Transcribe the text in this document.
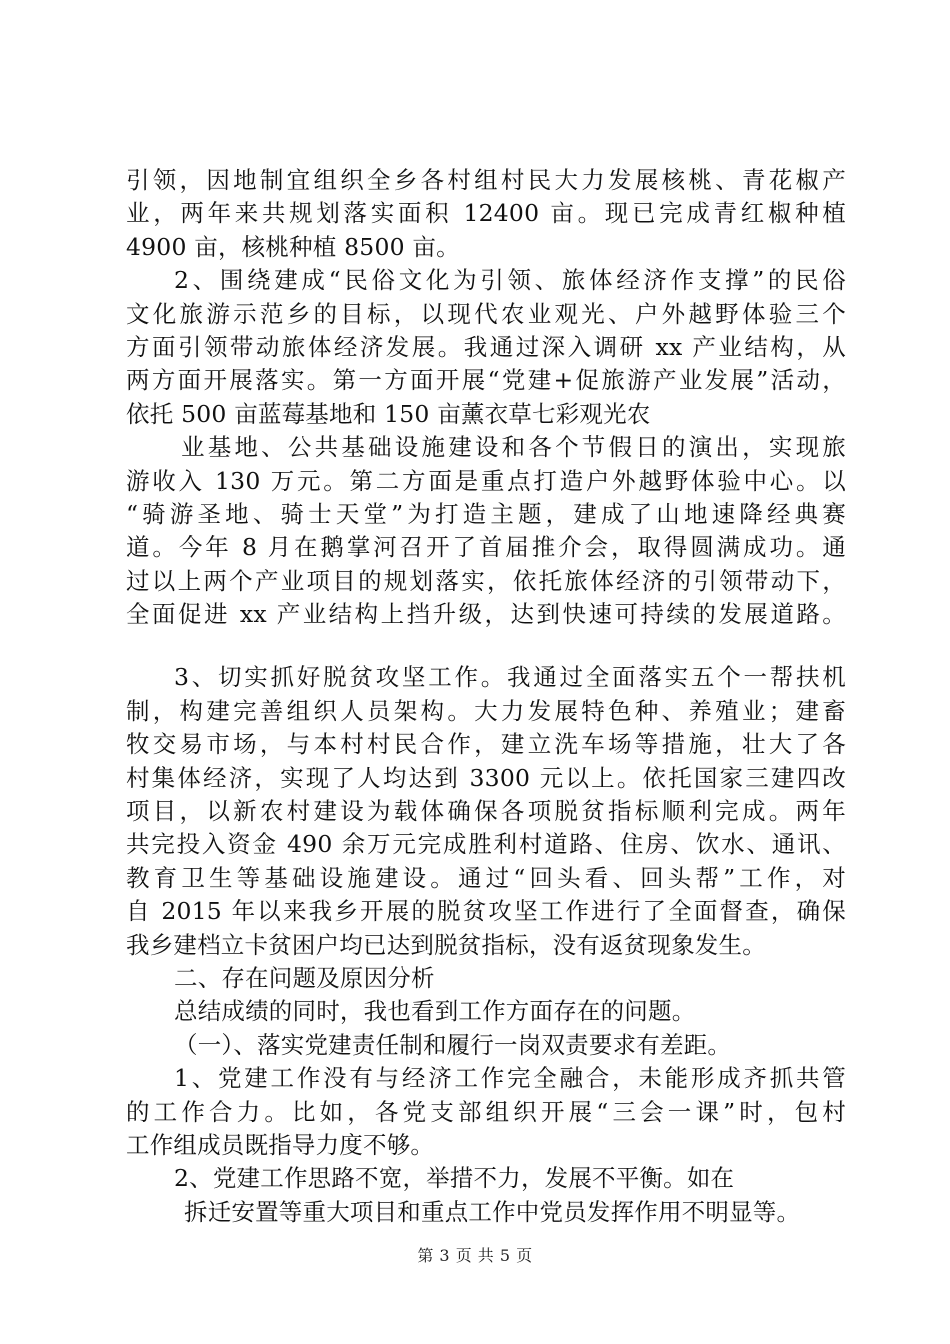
引领，因地制宜组织全乡各村组村民大力发展核桃、青花椒产
业，两年来共规划落实面积 12400 亩。现已完成青红椒种植
4900 亩，核桃种植 8500 亩。
2、围绕建成“民俗文化为引领、旅体经济作支撑”的民俗
文化旅游示范乡的目标，以现代农业观光、户外越野体验三个
方面引领带动旅体经济发展。我通过深入调研 xx 产业结构，从
两方面开展落实。第一方面开展“党建+促旅游产业发展”活动，
依托 500 亩蓝莓基地和 150 亩薰衣草七彩观光农
业基地、公共基础设施建设和各个节假日的演出，实现旅
游收入 130 万元。第二方面是重点打造户外越野体验中心。以
“骑游圣地、骑士天堂”为打造主题，建成了山地速降经典赛
道。今年 8 月在鹅掌河召开了首届推介会，取得圆满成功。通
过以上两个产业项目的规划落实，依托旅体经济的引领带动下，
全面促进 xx 产业结构上挡升级，达到快速可持续的发展道路。
3、切实抓好脱贫攻坚工作。我通过全面落实五个一帮扶机
制，构建完善组织人员架构。大力发展特色种、养殖业；建畜
牧交易市场，与本村村民合作，建立洗车场等措施，壮大了各
村集体经济，实现了人均达到 3300 元以上。依托国家三建四改
项目，以新农村建设为载体确保各项脱贫指标顺利完成。两年
共完投入资金 490 余万元完成胜利村道路、住房、饮水、通讯、
教育卫生等基础设施建设。通过“回头看、回头帮”工作，对
自 2015 年以来我乡开展的脱贫攻坚工作进行了全面督查，确保
我乡建档立卡贫困户均已达到脱贫指标，没有返贫现象发生。
二、存在问题及原因分析
总结成绩的同时，我也看到工作方面存在的问题。
（一）、落实党建责任制和履行一岗双责要求有差距。
1、党建工作没有与经济工作完全融合，未能形成齐抓共管
的工作合力。比如，各党支部组织开展“三会一课”时，包村
工作组成员既指导力度不够。
2、党建工作思路不宽，举措不力，发展不平衡。如在
拆迁安置等重大项目和重点工作中党员发挥作用不明显等。
第 3 页 共 5 页
